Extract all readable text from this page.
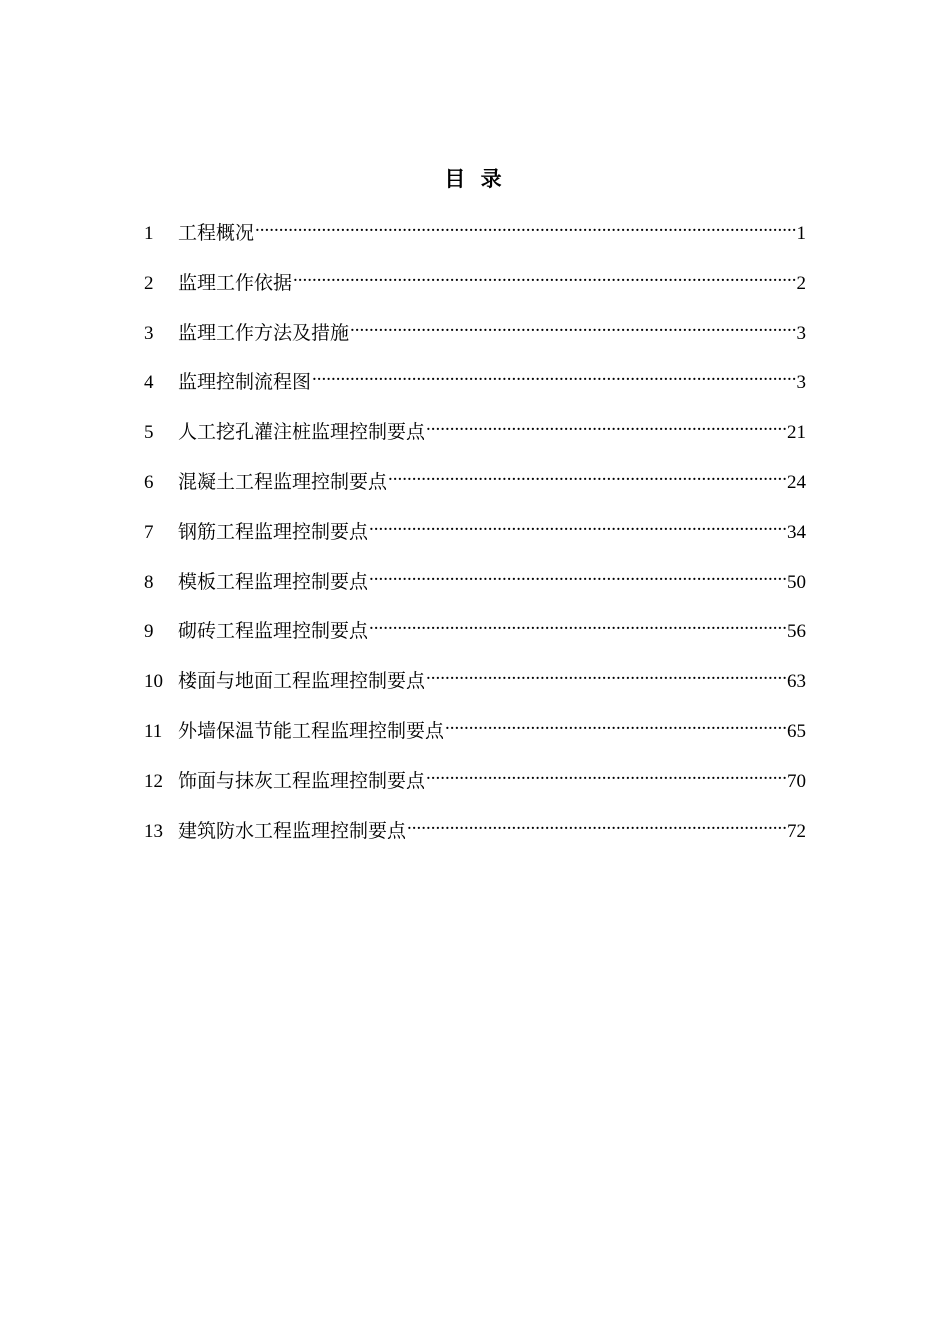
目 录
1	工程概况 .....	1
2	监理工作依据 .....	2
3	监理工作方法及措施 .....	3
4	监理控制流程图 .....	3
5	人工挖孔灌注桩监理控制要点 .....	21
6	混凝土工程监理控制要点 .....	24
7	钢筋工程监理控制要点 .....	34
8	模板工程监理控制要点 .....	50
9	砌砖工程监理控制要点 .....	56
10 楼面与地面工程监理控制要点 .....	63
11 外墙保温节能工程监理控制要点 .....	65
12 饰面与抹灰工程监理控制要点 .....	70
13 建筑防水工程监理控制要点 .....	72
